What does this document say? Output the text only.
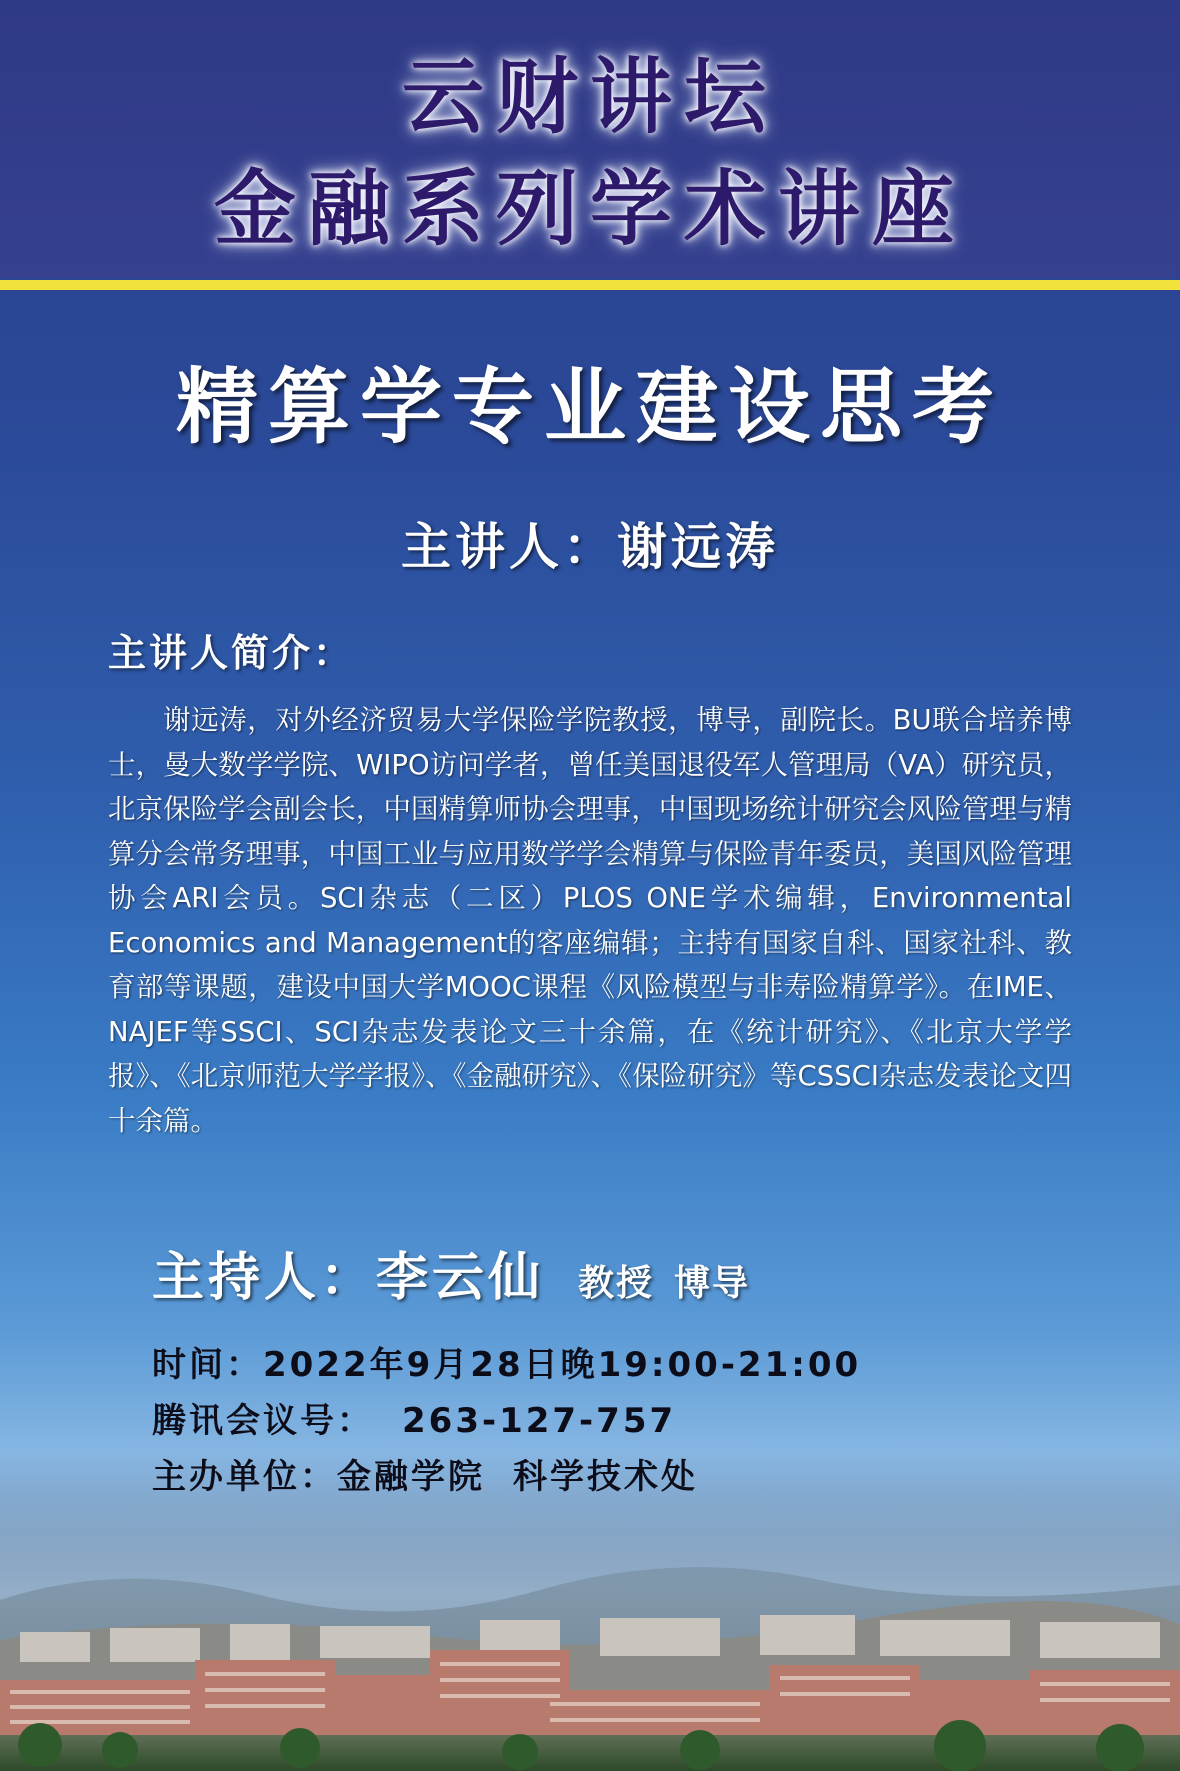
云财讲坛
金融系列学术讲座
精算学专业建设思考
主讲人：谢远涛
主讲人简介：

谢远涛，对外经济贸易大学保险学院教授，博导，副院长。BU联合培养博士，曼大数学学院、WIPO访问学者，曾任美国退役军人管理局（VA）研究员，北京保险学会副会长，中国精算师协会理事，中国现场统计研究会风险管理与精算分会常务理事，中国工业与应用数学学会精算与保险青年委员，美国风险管理协会ARI会员。SCI杂志（二区）PLOS ONE学术编辑，Environmental Economics and Management的客座编辑；主持有国家自科、国家社科、教育部等课题，建设中国大学MOOC课程《风险模型与非寿险精算学》。在IME、NAJEF等SSCI、SCI杂志发表论文三十余篇，在《统计研究》、《北京大学学报》、《北京师范大学学报》、《金融研究》、《保险研究》等CSSCI杂志发表论文四十余篇。

主持人：李云仙 教授 博导
时间：2022年9月28日晚19:00-21:00
腾讯会议号： 263-127-757
主办单位：金融学院 科学技术处
